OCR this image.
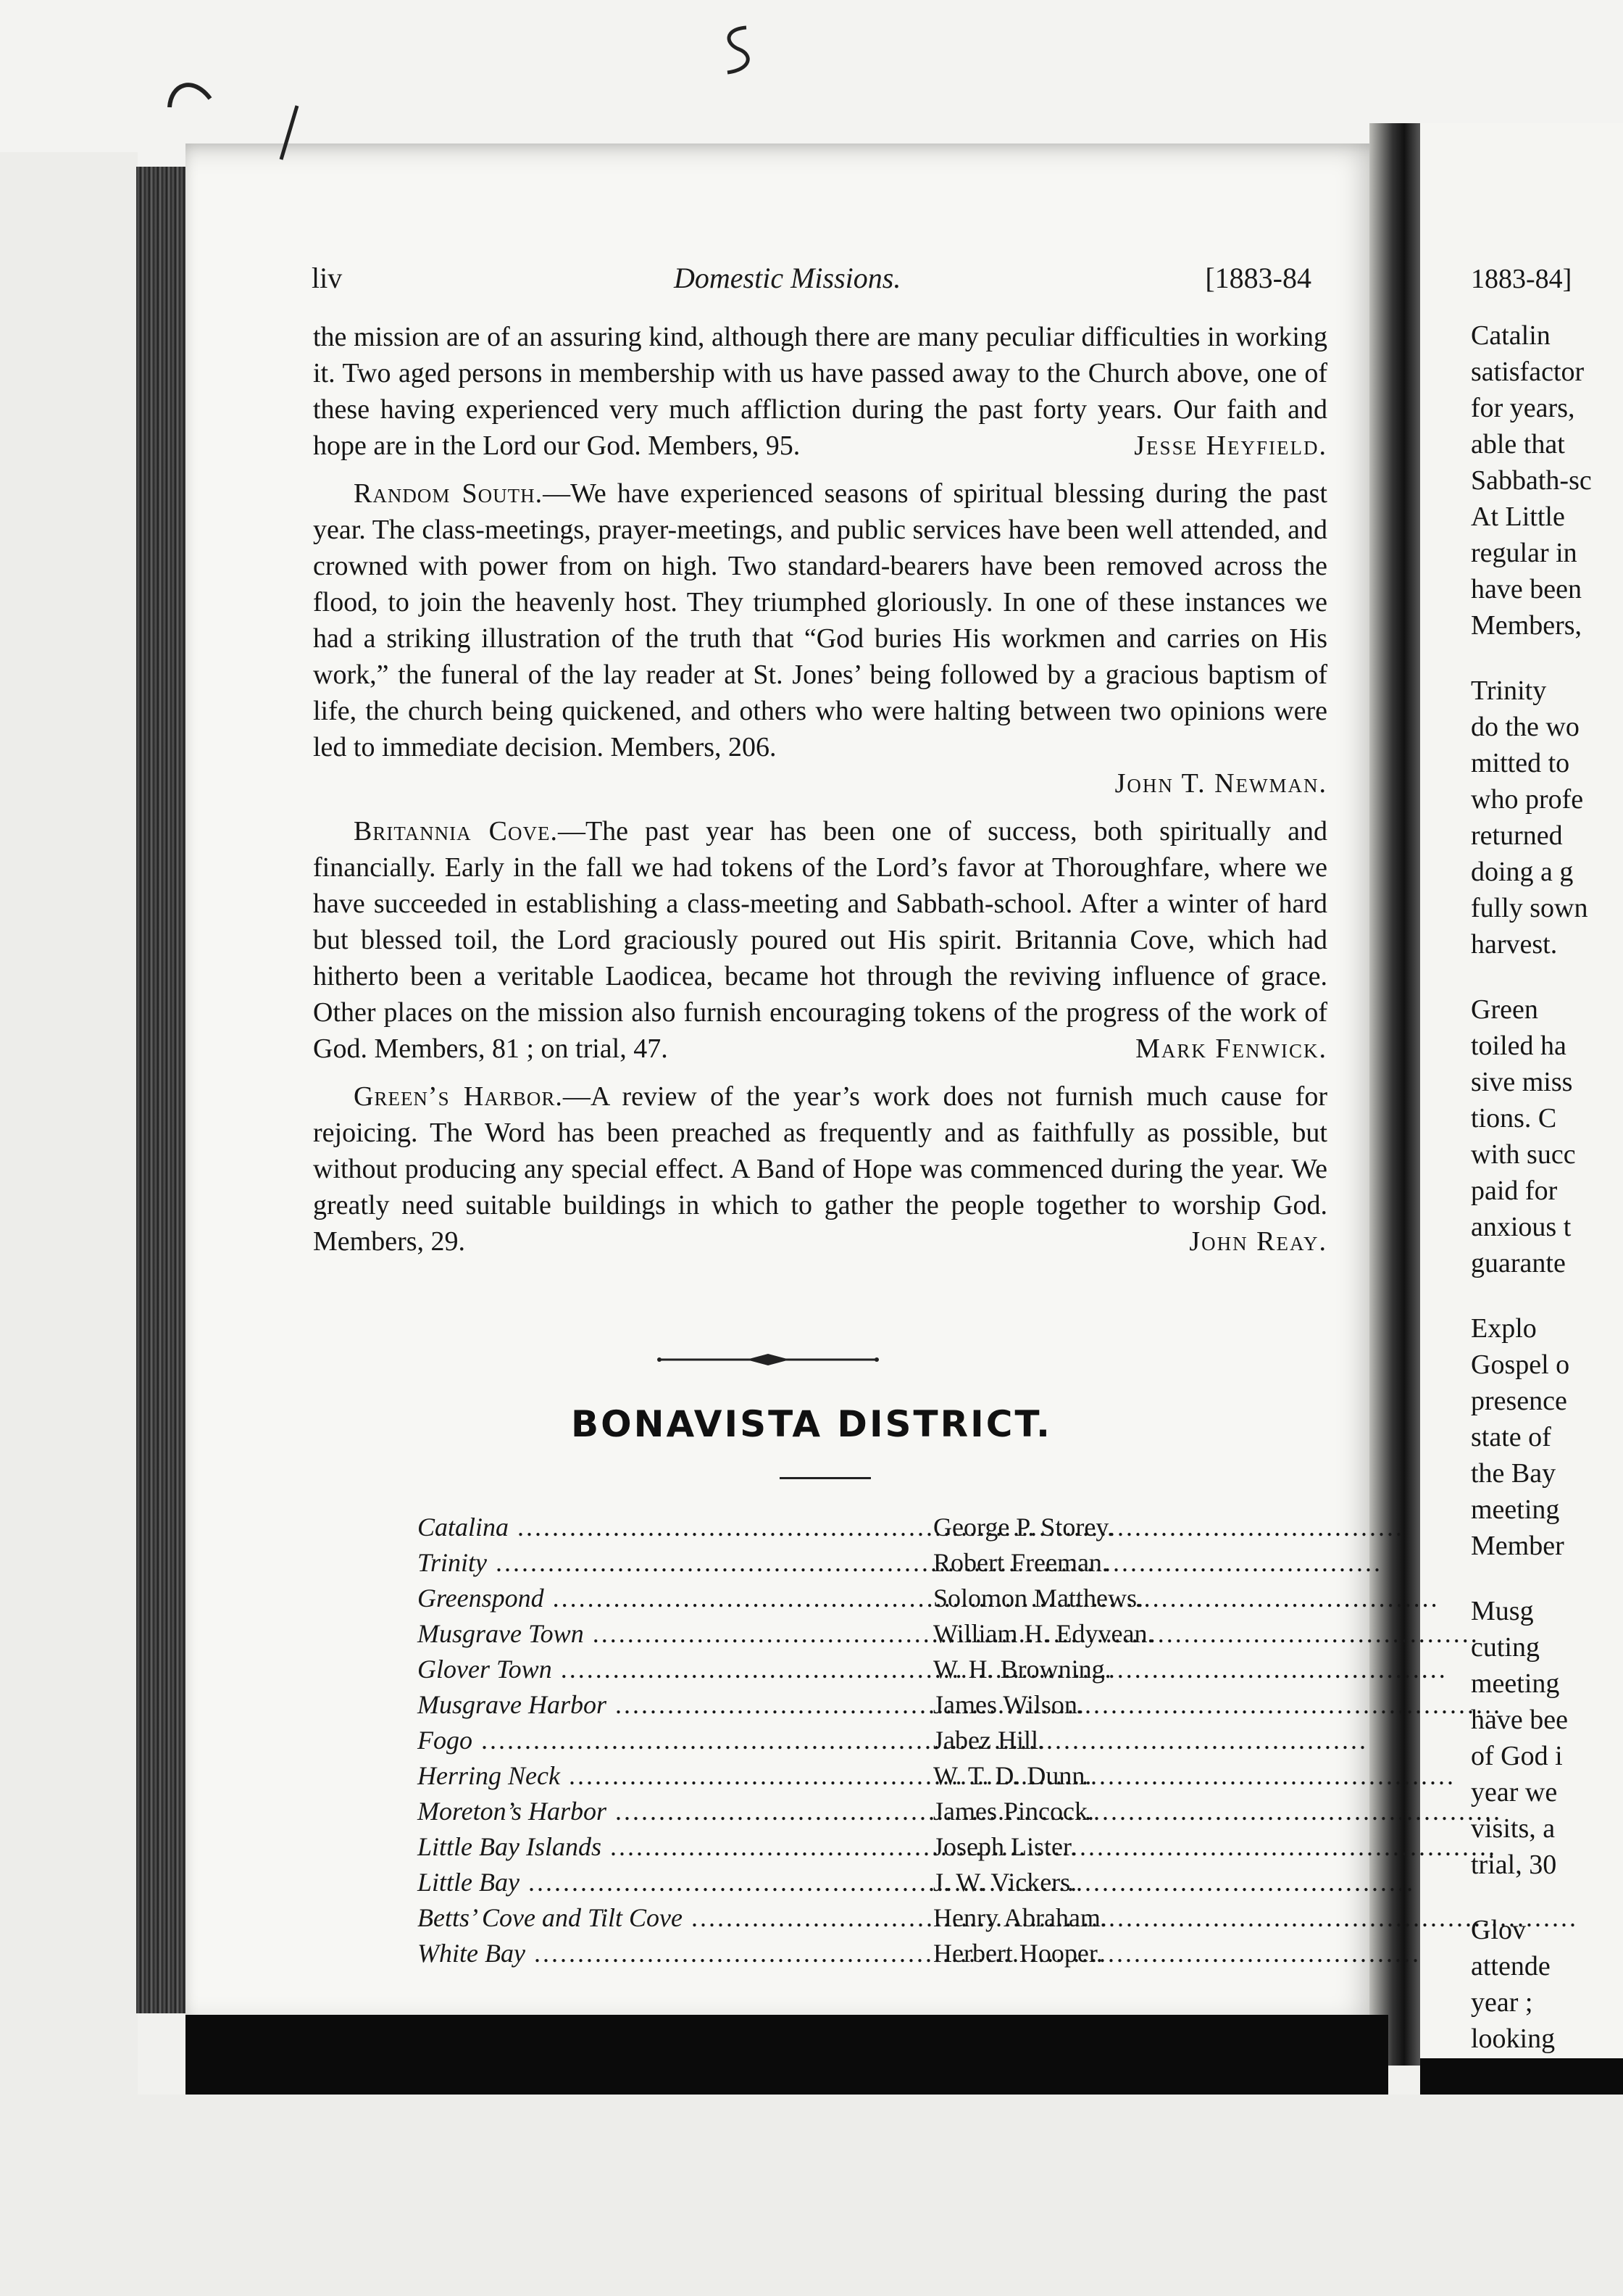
liv	Domestic Missions.	[1883-84

the mission are of an assuring kind, although there are many peculiar difficulties in working it. Two aged persons in membership with us have passed away to the Church above, one of these having experienced very much affliction during the past forty years. Our faith and hope are in the Lord our God. Members, 95.	Jesse Heyfield.

Random South.—We have experienced seasons of spiritual blessing during the past year. The class-meetings, prayer-meetings, and public services have been well attended, and crowned with power from on high. Two standard-bearers have been removed across the flood, to join the heavenly host. They triumphed gloriously. In one of these instances we had a striking illustration of the truth that “God buries His workmen and carries on His work,” the funeral of the lay reader at St. Jones’ being followed by a gracious baptism of life, the church being quickened, and others who were halting between two opinions were led to immediate decision. Members, 206.
John T. Newman.

Britannia Cove.—The past year has been one of success, both spiritually and financially. Early in the fall we had tokens of the Lord’s favor at Thoroughfare, where we have succeeded in establishing a class-meeting and Sabbath-school. After a winter of hard but blessed toil, the Lord graciously poured out His spirit. Britannia Cove, which had hitherto been a veritable Laodicea, became hot through the reviving influence of grace. Other places on the mission also furnish encouraging tokens of the progress of the work of God. Members, 81 ; on trial, 47.	Mark Fenwick.

Green’s Harbor.—A review of the year’s work does not furnish much cause for rejoicing. The Word has been preached as frequently and as faithfully as possible, but without producing any special effect. A Band of Hope was commenced during the year. We greatly need suitable buildings in which to gather the people together to worship God. Members, 29.	John Reay.

BONAVISTA DISTRICT.
Catalina .....	George P. Storey.
Trinity .....	Robert Freeman.
Greenspond .....	Solomon Matthews.
Musgrave Town .....	William H. Edyvean.
Glover Town .....	W. H. Browning.
Musgrave Harbor .....	James Wilson.
Fogo .....	Jabez Hill.
Herring Neck .....	W. T. D. Dunn.
Moreton’s Harbor .....	James Pincock.
Little Bay Islands .....	Joseph Lister.
Little Bay .....	J. W. Vickers.
Betts’ Cove and Tilt Cove .....	Henry Abraham.
White Bay .....	Herbert Hooper.
1883-84]
Catalin
satisfactor
for years,
able that
Sabbath-sc
At Little
regular in
have been
Members,
Trinity
do the wo
mitted to
who profe
returned
doing a g
fully sown
harvest.
Green
toiled ha
sive miss
tions. C
with succ
paid for
anxious t
guarante
Explo
Gospel o
presence
state of
the Bay
meeting
Member
Musg
cuting
meeting
have bee
of God i
year we
visits, a
trial, 30
Glov
attende
year ;
looking
